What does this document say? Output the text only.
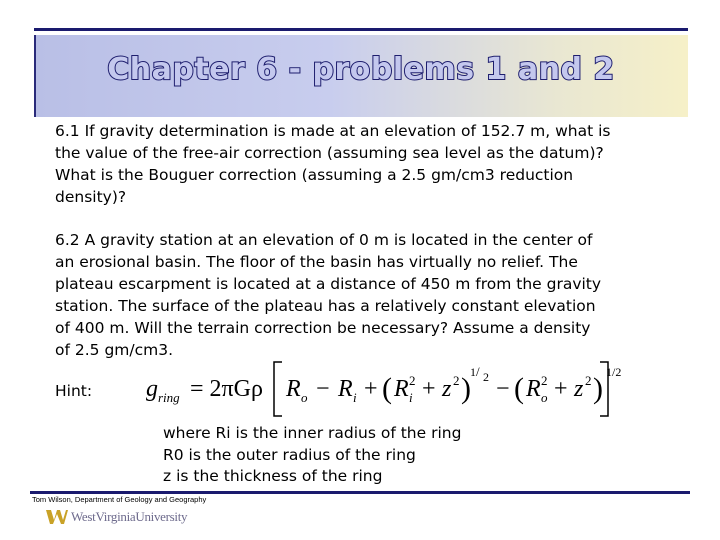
Chapter 6 - problems 1 and 2
6.1 If gravity determination is made at an elevation of 152.7 m, what is
the value of the free-air correction (assuming sea level as the datum)?
What is the Bouguer correction (assuming a 2.5 gm/cm3 reduction
density)?
6.2 A gravity station at an elevation of 0 m is located in the center of
an erosional basin. The floor of the basin has virtually no relief. The
plateau escarpment is located at a distance of 450 m from the gravity
station. The surface of the plateau has a relatively constant elevation
of 400 m. Will the terrain correction be necessary? Assume a density
of 2.5 gm/cm3.
Hint: g ring = 2πGρ R o − R i + ( R i
2 + z 2 ) 1 / 2 − ( R o
2 + z 2 ) 1/2
where Ri is the inner radius of the ring
R0 is the outer radius of the ring
z is the thickness of the ring
Tom Wilson, Department of Geology and Geography
WestVirginiaUniversity
